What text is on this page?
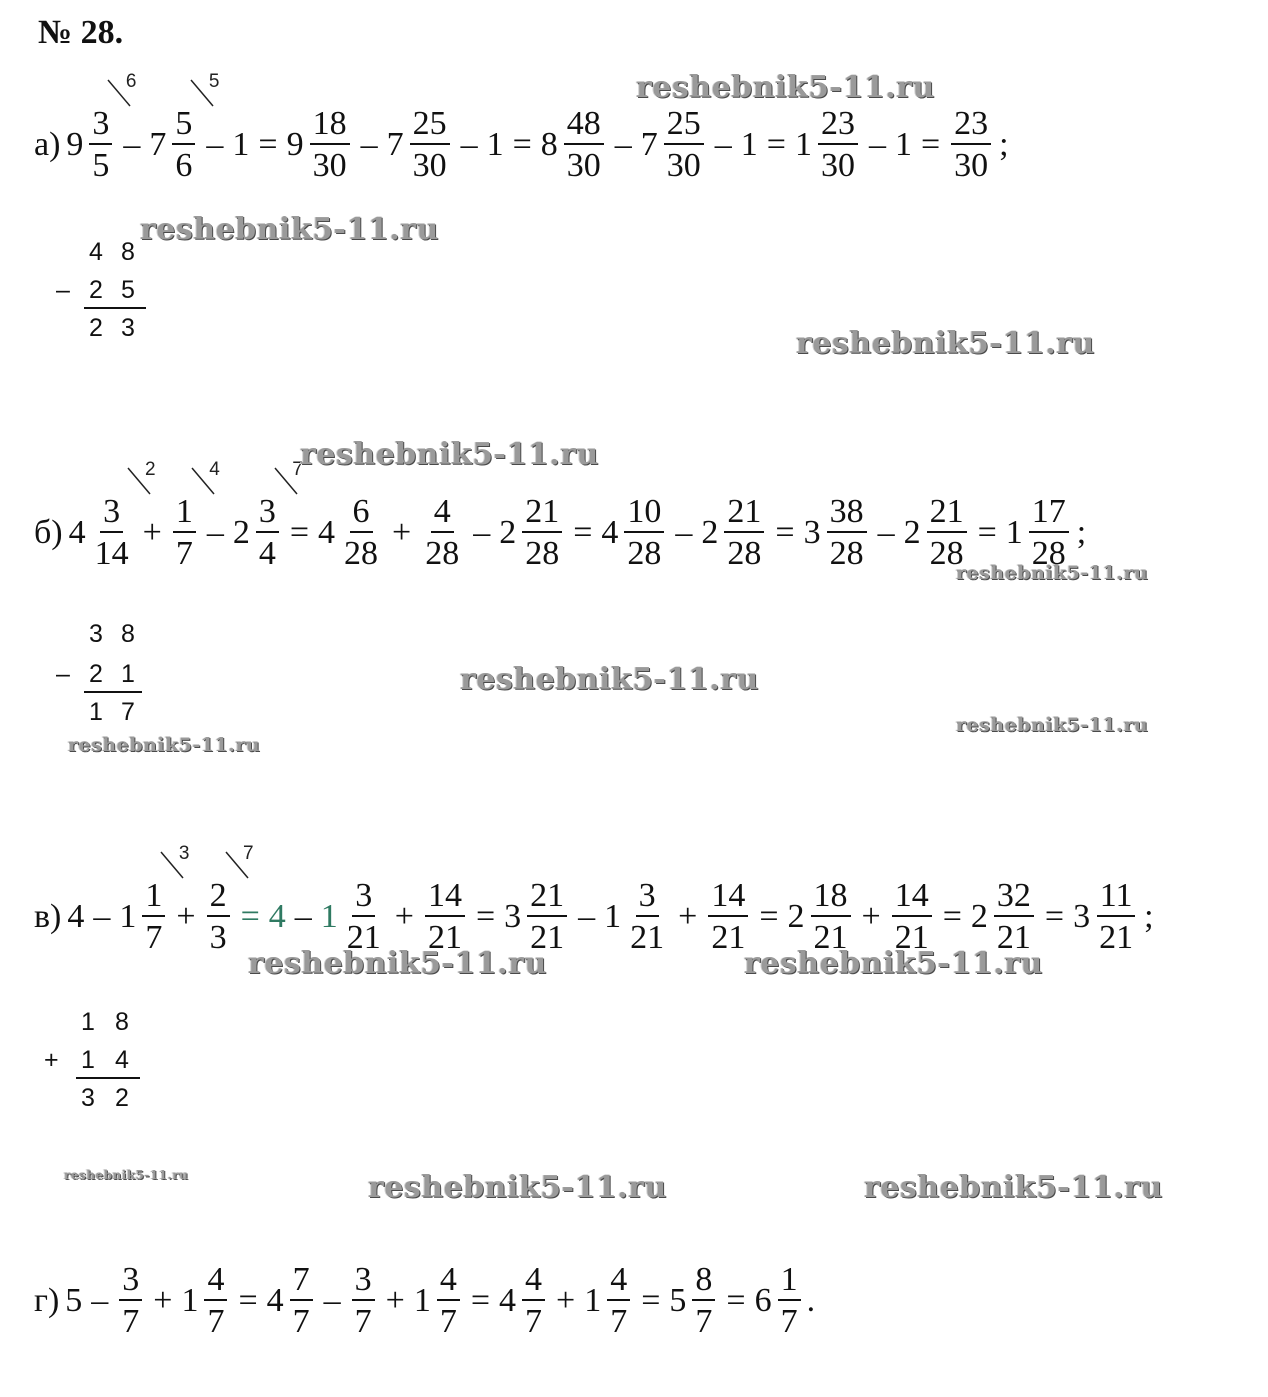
№ 28.
а) 9
3
5
6
– 7
5
6
5
– $1 = 9 \frac{18}{30} - 7 \frac{25}{30} - 1 = 8 \frac{48}{30} - 7 \frac{25}{30} - 1 = 1 \frac{23}{30} - 1 = \frac{23}{30}$ ;
4 8
– 2 5
2 3
б) 4
3
14
2
+
1
7
4
– 2
3
4
7
= $4 \frac{6}{28} + \frac{4}{28} - 2 \frac{21}{28} = 4 \frac{10}{28} - 2 \frac{21}{28} = 3 \frac{38}{28} - 2 \frac{21}{28} = 1 \frac{17}{28}$ ;
3 8
– 2 1
1 7
в) 4 – 1
1
7
3
+
2
3
7
= $4 - 1 \frac{3}{21} + \frac{14}{21} = 3 \frac{21}{21} - 1 \frac{3}{21} + \frac{14}{21} = 2 \frac{18}{21} + \frac{14}{21} = 2 \frac{32}{21} = 3 \frac{11}{21}$ ;
1 8
+ 1 4
3 2
г) $5 - \frac{3}{7} + 1 \frac{4}{7} = 4 \frac{7}{7} - \frac{3}{7} + 1 \frac{4}{7} = 4 \frac{4}{7} + 1 \frac{4}{7} = 5 \frac{8}{7} = 6 \frac{1}{7}$ .
reshebnik5-11.ru
reshebnik5-11.ru
reshebnik5-11.ru
reshebnik5-11.ru
reshebnik5-11.ru
reshebnik5-11.ru
reshebnik5-11.ru
reshebnik5-11.ru
reshebnik5-11.ru	reshebnik5-11.ru
reshebnik5-11.ru	reshebnik5-11.ru	reshebnik5-11.ru
